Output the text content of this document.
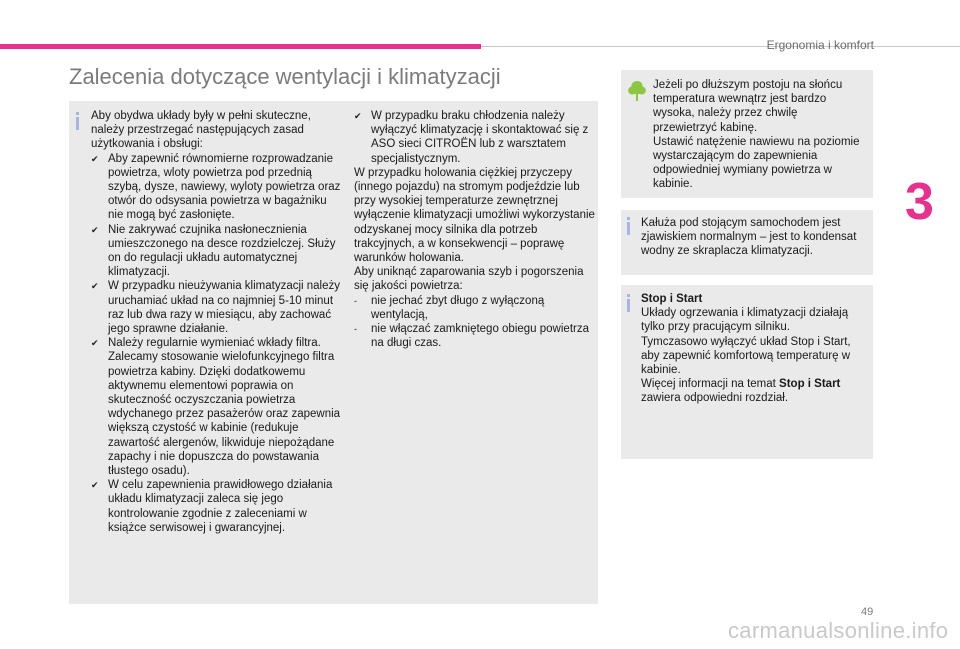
Ergonomia i komfort
3
Zalecenia dotyczące wentylacji i klimatyzacji

Aby obydwa układy były w pełni skuteczne, należy przestrzegać następujących zasad użytkowania i obsługi:

✔ Aby zapewnić równomierne rozprowadzanie powietrza, wloty powietrza pod przednią szybą, dysze, nawiewy, wyloty powietrza oraz otwór do odsysania powietrza w bagażniku nie mogą być zasłonięte.
✔ Nie zakrywać czujnika nasłonecznienia umieszczonego na desce rozdzielczej. Służy on do regulacji układu automatycznej klimatyzacji.
✔ W przypadku nieużywania klimatyzacji należy uruchamiać układ na co najmniej 5-10 minut raz lub dwa razy w miesiącu, aby zachować jego sprawne działanie.
✔ Należy regularnie wymieniać wkłady filtra. Zalecamy stosowanie wielofunkcyjnego filtra powietrza kabiny. Dzięki dodatkowemu aktywnemu elementowi poprawia on skuteczność oczyszczania powietrza wdychanego przez pasażerów oraz zapewnia większą czystość w kabinie (redukuje zawartość alergenów, likwiduje niepożądane zapachy i nie dopuszcza do powstawania tłustego osadu).
✔ W celu zapewnienia prawidłowego działania układu klimatyzacji zaleca się jego kontrolowanie zgodnie z zaleceniami w książce serwisowej i gwarancyjnej.
✔ W przypadku braku chłodzenia należy wyłączyć klimatyzację i skontaktować się z ASO sieci CITROËN lub z warsztatem specjalistycznym.

W przypadku holowania ciężkiej przyczepy (innego pojazdu) na stromym podjeździe lub przy wysokiej temperaturze zewnętrznej wyłączenie klimatyzacji umożliwi wykorzystanie odzyskanej mocy silnika dla potrzeb trakcyjnych, a w konsekwencji – poprawę warunków holowania.

Aby uniknąć zaparowania szyb i pogorszenia się jakości powietrza:

- nie jechać zbyt długo z wyłączoną wentylacją,
- nie włączać zamkniętego obiegu powietrza na długi czas.

Jeżeli po dłuższym postoju na słońcu temperatura wewnątrz jest bardzo wysoka, należy przez chwilę przewietrzyć kabinę.

Ustawić natężenie nawiewu na poziomie wystarczającym do zapewnienia odpowiedniej wymiany powietrza w kabinie.

Kałuża pod stojącym samochodem jest zjawiskiem normalnym – jest to kondensat wodny ze skraplacza klimatyzacji.

Stop i Start

Układy ogrzewania i klimatyzacji działają tylko przy pracującym silniku.

Tymczasowo wyłączyć układ Stop i Start, aby zapewnić komfortową temperaturę w kabinie.

Więcej informacji na temat Stop i Start zawiera odpowiedni rozdział.

49
carmanualsonline.info
